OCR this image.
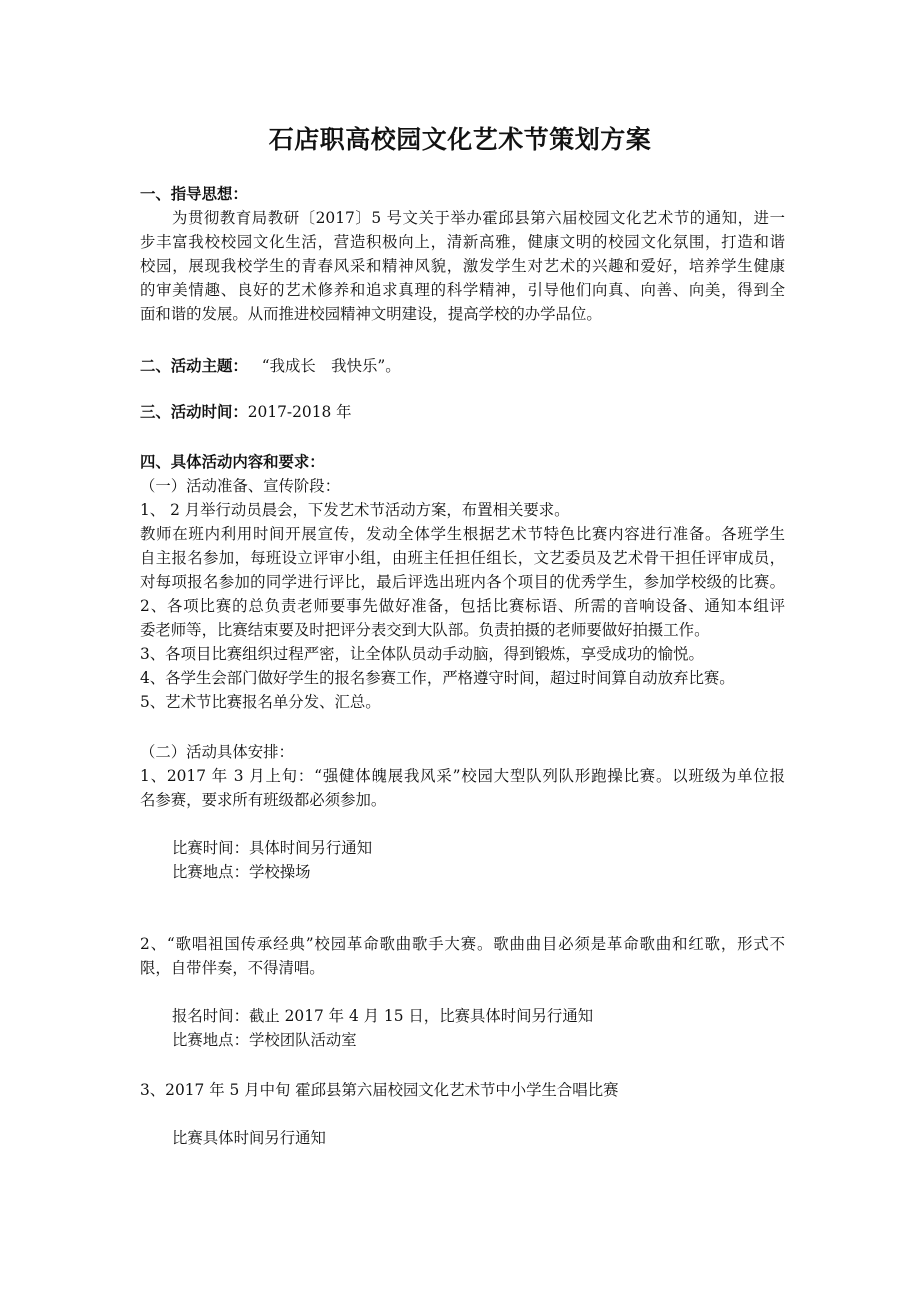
石店职高校园文化艺术节策划方案
一、指导思想：
为贯彻教育局教研〔2017〕5 号文关于举办霍邱县第六届校园文化艺术节的通知，进一
步丰富我校校园文化生活，营造积极向上，清新高雅，健康文明的校园文化氛围，打造和谐
校园，展现我校学生的青春风采和精神风貌，激发学生对艺术的兴趣和爱好，培养学生健康
的审美情趣、良好的艺术修养和追求真理的科学精神，引导他们向真、向善、向美，得到全
面和谐的发展。从而推进校园精神文明建设，提高学校的办学品位。
二、活动主题： “我成长　我快乐”。
三、活动时间：2017-2018 年
四、具体活动内容和要求：
（一）活动准备、宣传阶段：
1、 2 月举行动员晨会，下发艺术节活动方案，布置相关要求。
教师在班内利用时间开展宣传，发动全体学生根据艺术节特色比赛内容进行准备。各班学生
自主报名参加，每班设立评审小组，由班主任担任组长，文艺委员及艺术骨干担任评审成员，
对每项报名参加的同学进行评比，最后评选出班内各个项目的优秀学生，参加学校级的比赛。
2、各项比赛的总负责老师要事先做好准备，包括比赛标语、所需的音响设备、通知本组评
委老师等，比赛结束要及时把评分表交到大队部。负责拍摄的老师要做好拍摄工作。
3、各项目比赛组织过程严密，让全体队员动手动脑，得到锻炼，享受成功的愉悦。
4、各学生会部门做好学生的报名参赛工作，严格遵守时间，超过时间算自动放弃比赛。
5、艺术节比赛报名单分发、汇总。
（二）活动具体安排：
1、2017 年 3 月上旬：“强健体魄展我风采”校园大型队列队形跑操比赛。以班级为单位报
名参赛，要求所有班级都必须参加。
比赛时间：具体时间另行通知
比赛地点：学校操场
2、“歌唱祖国传承经典”校园革命歌曲歌手大赛。歌曲曲目必须是革命歌曲和红歌，形式不
限，自带伴奏，不得清唱。
报名时间：截止 2017 年 4 月 15 日，比赛具体时间另行通知
比赛地点：学校团队活动室
3、2017 年 5 月中旬 霍邱县第六届校园文化艺术节中小学生合唱比赛
比赛具体时间另行通知
